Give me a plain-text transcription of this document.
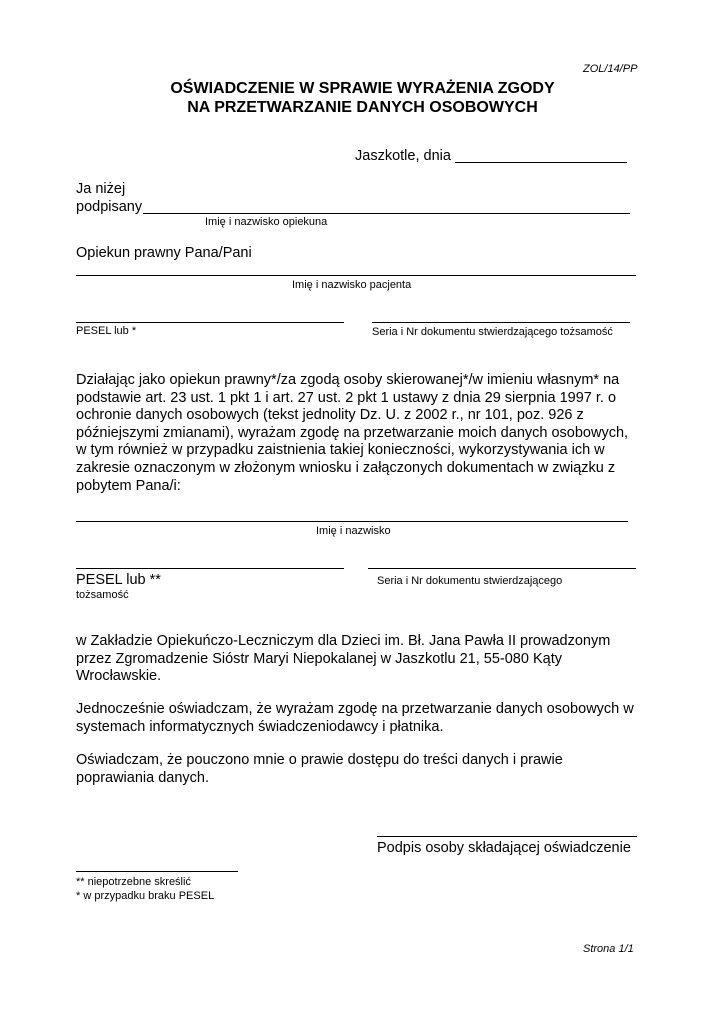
ZOL/14/PP
OŚWIADCZENIE W SPRAWIE WYRAŻENIA ZGODY
NA PRZETWARZANIE DANYCH OSOBOWYCH
Jaszkotle, dnia
Ja niżej
podpisany
Imię i nazwisko opiekuna
Opiekun prawny Pana/Pani
Imię i nazwisko pacjenta
PESEL lub *	Seria i Nr dokumentu stwierdzającego tożsamość
Działając jako opiekun prawny*/za zgodą osoby skierowanej*/w imieniu własnym* na
podstawie art. 23 ust. 1 pkt 1 i art. 27 ust. 2 pkt 1 ustawy z dnia 29 sierpnia 1997 r. o
ochronie danych osobowych (tekst jednolity Dz. U. z 2002 r., nr 101, poz. 926 z
późniejszymi zmianami), wyrażam zgodę na przetwarzanie moich danych osobowych,
w tym również w przypadku zaistnienia takiej konieczności, wykorzystywania ich w
zakresie oznaczonym w złożonym wniosku i załączonych dokumentach w związku z
pobytem Pana/i:
Imię i nazwisko
PESEL lub **	Seria i Nr dokumentu stwierdzającego
tożsamość
w Zakładzie Opiekuńczo-Leczniczym dla Dzieci im. Bł. Jana Pawła II prowadzonym
przez Zgromadzenie Sióstr Maryi Niepokalanej w Jaszkotlu 21, 55-080 Kąty
Wrocławskie.
Jednocześnie oświadczam, że wyrażam zgodę na przetwarzanie danych osobowych w
systemach informatycznych świadczeniodawcy i płatnika.
Oświadczam, że pouczono mnie o prawie dostępu do treści danych i prawie
poprawiania danych.
Podpis osoby składającej oświadczenie
** niepotrzebne skreślić
* w przypadku braku PESEL
Strona 1/1
